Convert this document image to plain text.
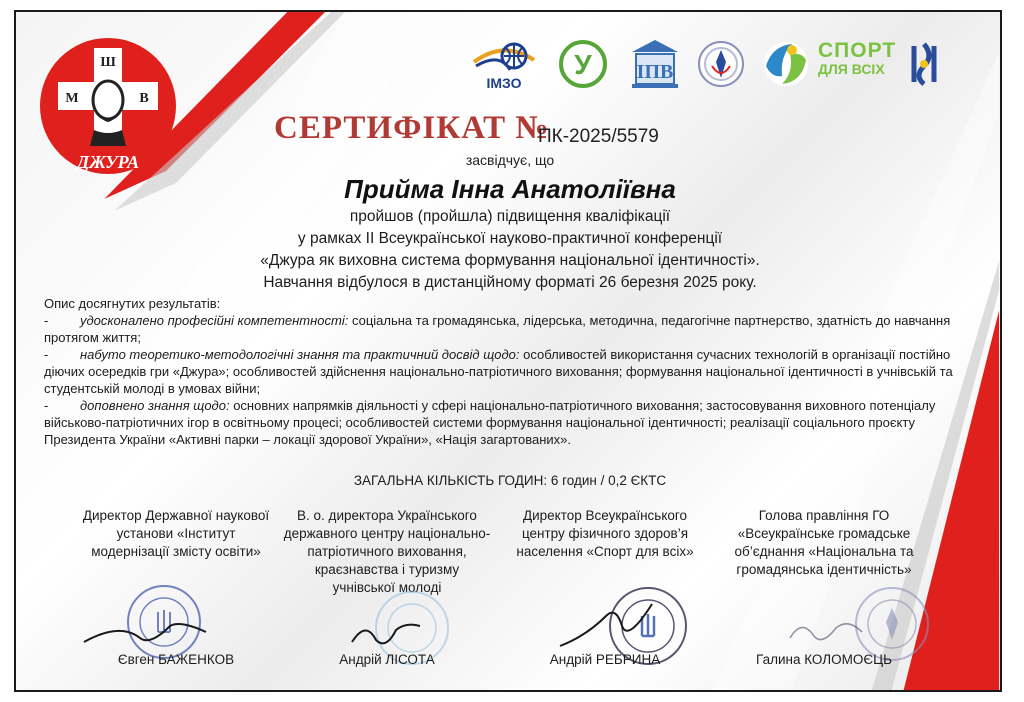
Ш
М	В
ДЖУРА
ІМЗО
У ІПВ
СПОРТ
ДЛЯ ВСІХ
СЕРТИФІКАТ №
ПК-2025/5579
засвідчує, що
Прийма Інна Анатоліївна
пройшов (пройшла) підвищення кваліфікації
у рамках ІІ Всеукраїнської науково-практичної конференції
«Джура як виховна система формування національної ідентичності».
Навчання відбулося в дистанційному форматі 26 березня 2025 року.

Опис досягнутих результатів:

- удосконалено професійні компетентності: соціальна та громадянська, лідерська, методична, педагогічне партнерство, здатність до навчання протягом життя;

- набуто теоретико-методологічні знання та практичний досвід щодо: особливостей використання сучасних технологій в організації постійно діючих осередків гри «Джура»; особливостей здійснення національно-патріотичного виховання; формування національної ідентичності в учнівській та студентській молоді в умовах війни;

- доповнено знання щодо: основних напрямків діяльності у сфері національно-патріотичного виховання; застосовування виховного потенціалу військово-патріотичних ігор в освітньому процесі; особливостей системи формування національної ідентичності; реалізації соціального проєкту Президента України «Активні парки – локації здорової України», «Нація загартованих».

ЗАГАЛЬНА КІЛЬКІСТЬ ГОДИН: 6 годин / 0,2 ЄКТС
Директор Державної наукової установи «Інститут модернізації змісту освіти»
В. о. директора Українського державного центру національно-патріотичного виховання, краєзнавства і туризму учнівської молоді
Директор Всеукраїнського центру фізичного здоров’я населення «Спорт для всіх»
Голова правління ГО «Всеукраїнське громадське об’єднання «Національна та громадянська ідентичність»
Євген БАЖЕНКОВ	Андрій ЛІСОТА	Андрій РЕБРИНА	Галина КОЛОМОЄЦЬ
